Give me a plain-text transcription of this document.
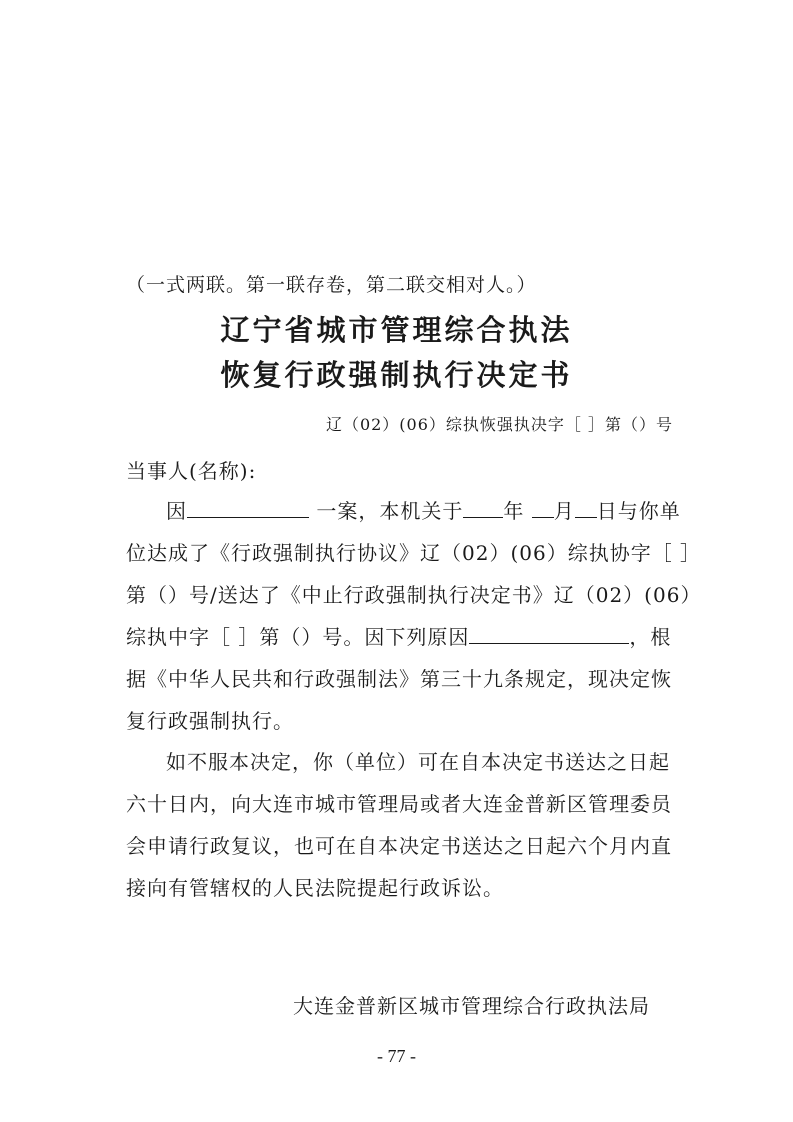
（一式两联。第一联存卷，第二联交相对人。）
辽宁省城市管理综合执法
恢复行政强制执行决定书
辽（02）(06）综执恢强执决字［ ］第（）号
当事人(名称):
因	一案，本机关于 年 月 日与你单
位达成了《行政强制执行协议》辽（02）(06）综执协字［ ］
第（）号/送达了《中止行政强制执行决定书》辽（02）(06）
综执中字［ ］第（）号。因下列原因	，根
据《中华人民共和行政强制法》第三十九条规定，现决定恢
复行政强制执行。
如不服本决定，你（单位）可在自本决定书送达之日起
六十日内，向大连市城市管理局或者大连金普新区管理委员
会申请行政复议，也可在自本决定书送达之日起六个月内直
接向有管辖权的人民法院提起行政诉讼。
大连金普新区城市管理综合行政执法局
- 77 -
